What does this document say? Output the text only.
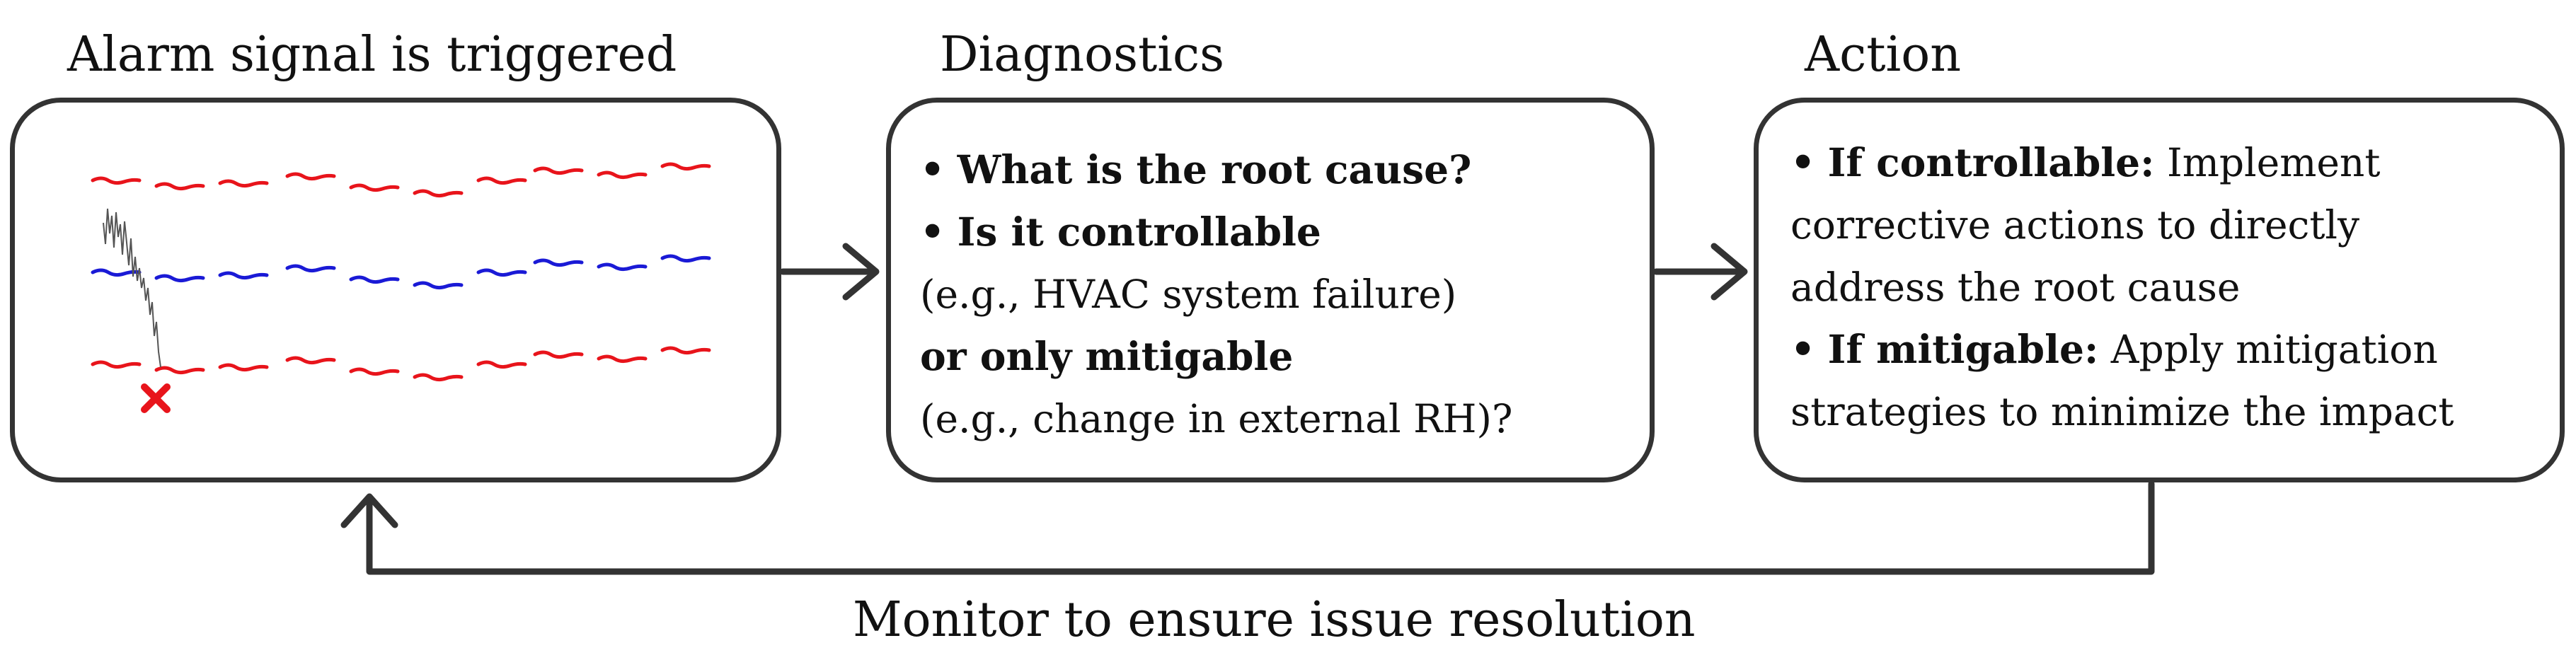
Alarm signal is triggered	Diagnostics	Action
• What is the root cause?
• Is it controllable
(e.g., HVAC system failure)
or only mitigable
(e.g., change in external RH)?
• If controllable: Implement
corrective actions to directly
address the root cause
• If mitigable: Apply mitigation
strategies to minimize the impact
Monitor to ensure issue resolution
